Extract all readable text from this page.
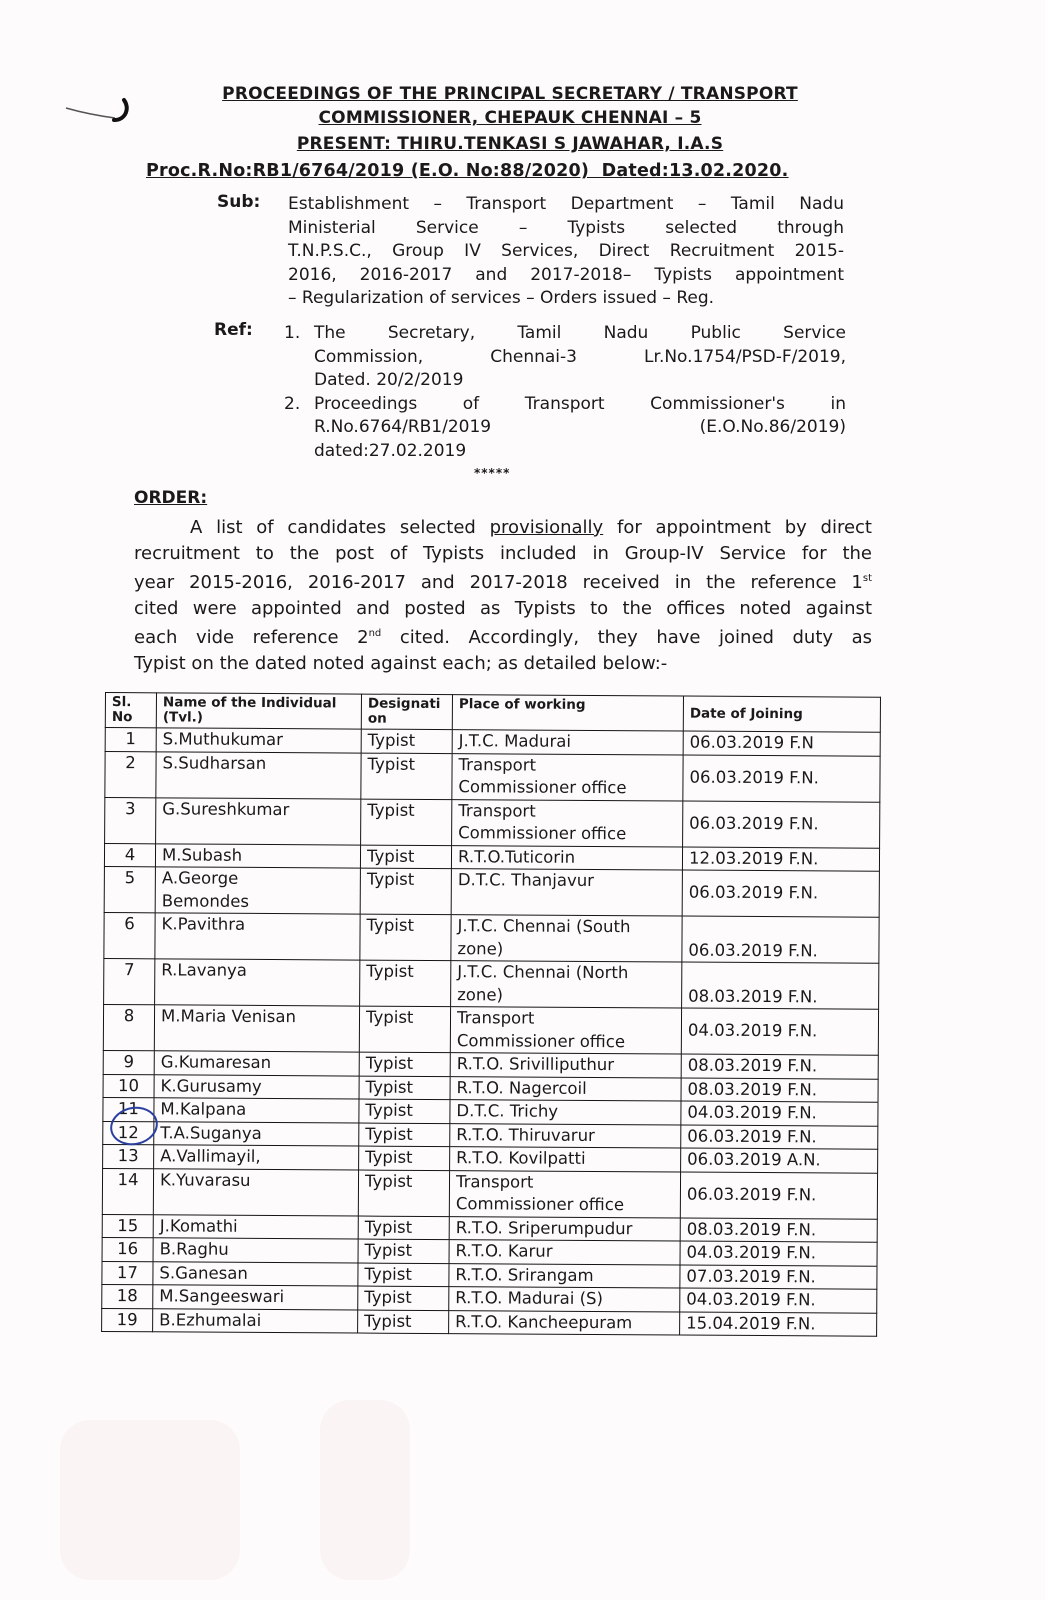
PROCEEDINGS OF THE PRINCIPAL SECRETARY / TRANSPORT
COMMISSIONER, CHEPAUK CHENNAI – 5
PRESENT: THIRU.TENKASI S JAWAHAR, I.A.S
Proc.R.No:RB1/6764/2019 (E.O. No:88/2020) Dated:13.02.2020.
Sub: Establishment – Transport Department – Tamil Nadu
Ministerial Service – Typists selected through
T.N.P.S.C., Group IV Services, Direct Recruitment 2015-
2016, 2016-2017 and 2017-2018– Typists appointment
– Regularization of services – Orders issued – Reg.
Ref: 1. The Secretary, Tamil Nadu Public Service
Commission, Chennai-3 Lr.No.1754/PSD-F/2019,
Dated. 20/2/2019
2. Proceedings of Transport Commissioner's in
R.No.6764/RB1/2019 (E.O.No.86/2019)
dated:27.02.2019
*****
ORDER:
A list of candidates selected provisionally for appointment by direct
recruitment to the post of Typists included in Group-IV Service for the
year 2015-2016, 2016-2017 and 2017-2018 received in the reference 1st
cited were appointed and posted as Typists to the offices noted against
each vide reference 2nd cited. Accordingly, they have joined duty as
Typist on the dated noted against each; as detailed below:-
Sl. No	Name of the Individual (Tvl.)	Designati on	Place of working	Date of Joining
1	S.Muthukumar	Typist	J.T.C. Madurai	06.03.2019 F.N
2	S.Sudharsan	Typist	Transport
Commissioner office	06.03.2019 F.N.
3	G.Sureshkumar	Typist	Transport
Commissioner office	06.03.2019 F.N.
4	M.Subash	Typist	R.T.O.Tuticorin	12.03.2019 F.N.
5	A.George
Bemondes	Typist	D.T.C. Thanjavur	06.03.2019 F.N.
6	K.Pavithra	Typist	J.T.C. Chennai (South zone)	06.03.2019 F.N.
7	R.Lavanya	Typist	J.T.C. Chennai (North zone)	08.03.2019 F.N.
8	M.Maria Venisan	Typist	Transport
Commissioner office	04.03.2019 F.N.
9	G.Kumaresan	Typist	R.T.O. Srivilliputhur	08.03.2019 F.N.
10	K.Gurusamy	Typist	R.T.O. Nagercoil	08.03.2019 F.N.
11	M.Kalpana	Typist	D.T.C. Trichy	04.03.2019 F.N.
12	T.A.Suganya	Typist	R.T.O. Thiruvarur	06.03.2019 F.N.
13	A.Vallimayil,	Typist	R.T.O. Kovilpatti	06.03.2019 A.N.
14	K.Yuvarasu	Typist	Transport
Commissioner office	06.03.2019 F.N.
15	J.Komathi	Typist	R.T.O. Sriperumpudur	08.03.2019 F.N.
16	B.Raghu	Typist	R.T.O. Karur	04.03.2019 F.N.
17	S.Ganesan	Typist	R.T.O. Srirangam	07.03.2019 F.N.
18	M.Sangeeswari	Typist	R.T.O. Madurai (S)	04.03.2019 F.N.
19	B.Ezhumalai	Typist	R.T.O. Kancheepuram	15.04.2019 F.N.
